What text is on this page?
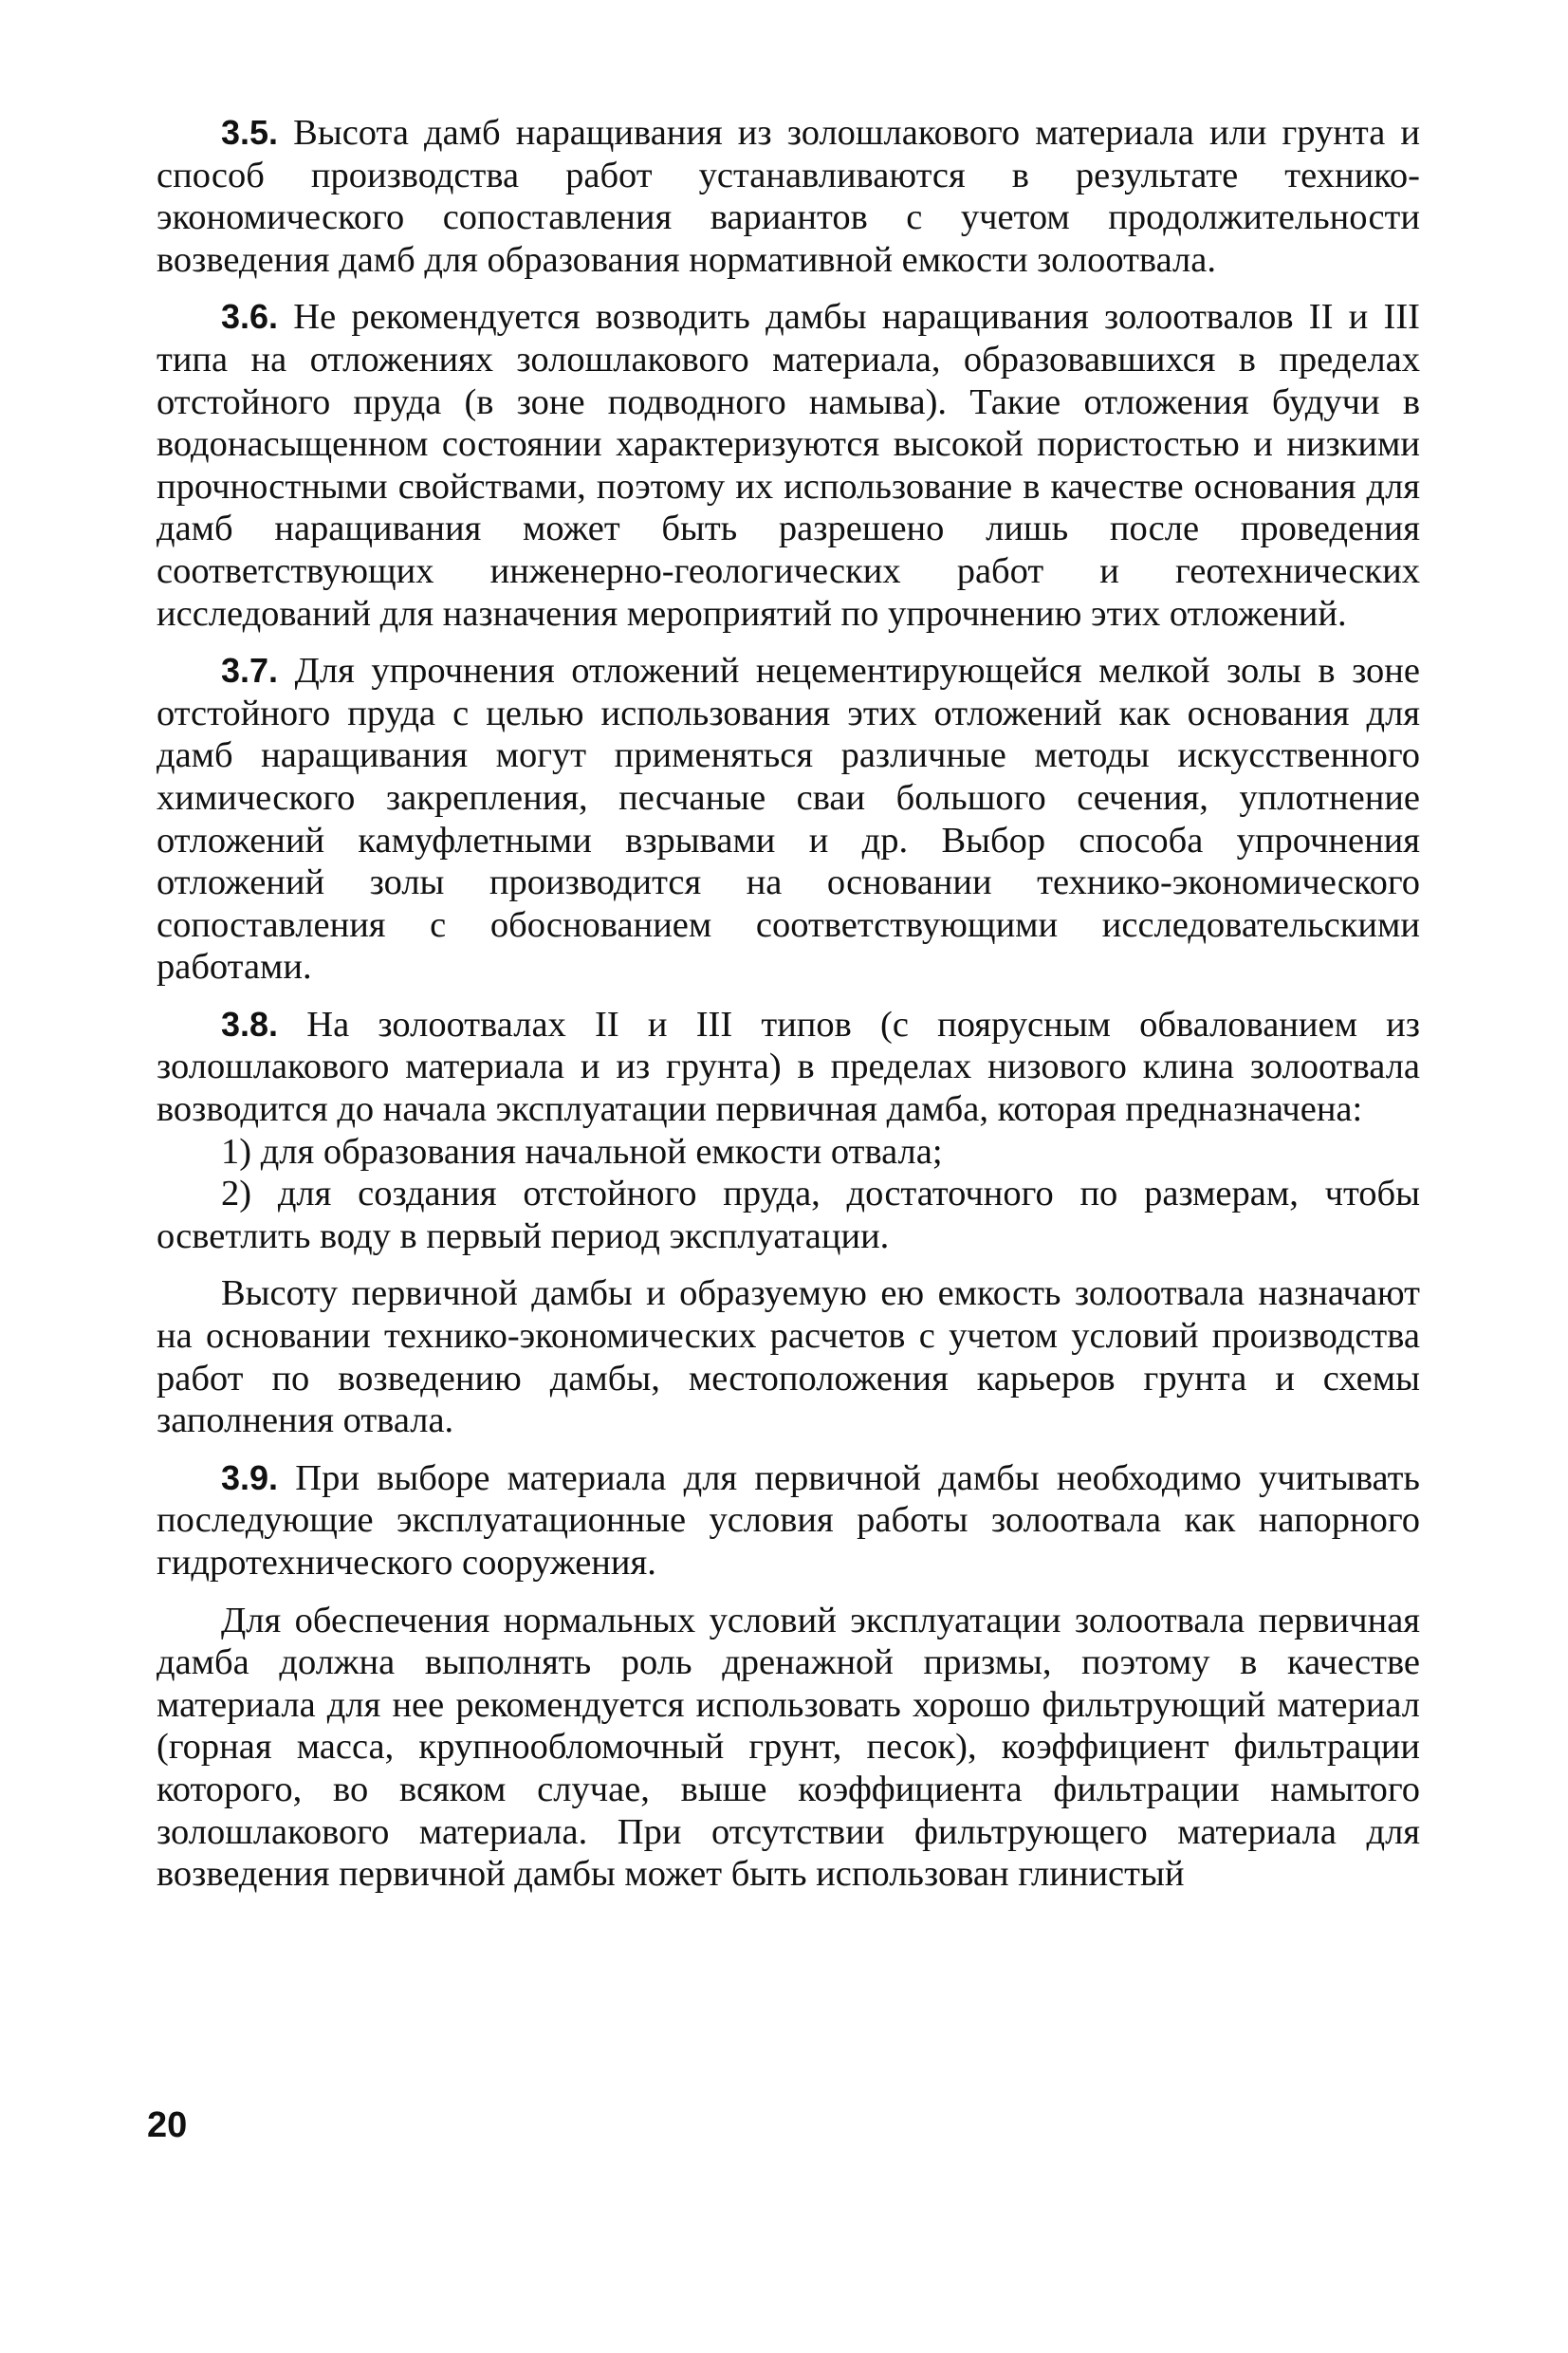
3.5. Высота дамб наращивания из золошлакового материала или грунта и способ производства работ устанавливаются в результате технико-экономического сопоставления вариантов с учетом продолжительности возведения дамб для образования нормативной емкости золоотвала.

3.6. Не рекомендуется возводить дамбы наращивания золоотвалов II и III типа на отложениях золошлакового материала, образовавшихся в пределах отстойного пруда (в зоне подводного намыва). Такие отложения будучи в водонасыщенном состоянии характеризуются высокой пористостью и низкими прочностными свойствами, поэтому их использование в качестве основания для дамб наращивания может быть разрешено лишь после проведения соответствующих инженерно-геологических работ и геотехнических исследований для назначения мероприятий по упрочнению этих отложений.

3.7. Для упрочнения отложений нецементирующейся мелкой золы в зоне отстойного пруда с целью использования этих отложений как основания для дамб наращивания могут применяться различные методы искусственного химического закрепления, песчаные сваи большого сечения, уплотнение отложений камуфлетными взрывами и др. Выбор способа упрочнения отложений золы производится на основании технико-экономического сопоставления с обоснованием соответствующими исследовательскими работами.

3.8. На золоотвалах II и III типов (с поярусным обвалованием из золошлакового материала и из грунта) в пределах низового клина золоотвала возводится до начала эксплуатации первичная дамба, которая предназначена:

1) для образования начальной емкости отвала;

2) для создания отстойного пруда, достаточного по размерам, чтобы осветлить воду в первый период эксплуатации.

Высоту первичной дамбы и образуемую ею емкость золоотвала назначают на основании технико-экономических расчетов с учетом условий производства работ по возведению дамбы, местоположения карьеров грунта и схемы заполнения отвала.

3.9. При выборе материала для первичной дамбы необходимо учитывать последующие эксплуатационные условия работы золоотвала как напорного гидротехнического сооружения.

Для обеспечения нормальных условий эксплуатации золоотвала первичная дамба должна выполнять роль дренажной призмы, поэтому в качестве материала для нее рекомендуется использовать хорошо фильтрующий материал (горная масса, крупнообломочный грунт, песок), коэффициент фильтрации которого, во всяком случае, выше коэффициента фильтрации намытого золошлакового материала. При отсутствии фильтрующего материала для возведения первичной дамбы может быть использован глинистый

20
